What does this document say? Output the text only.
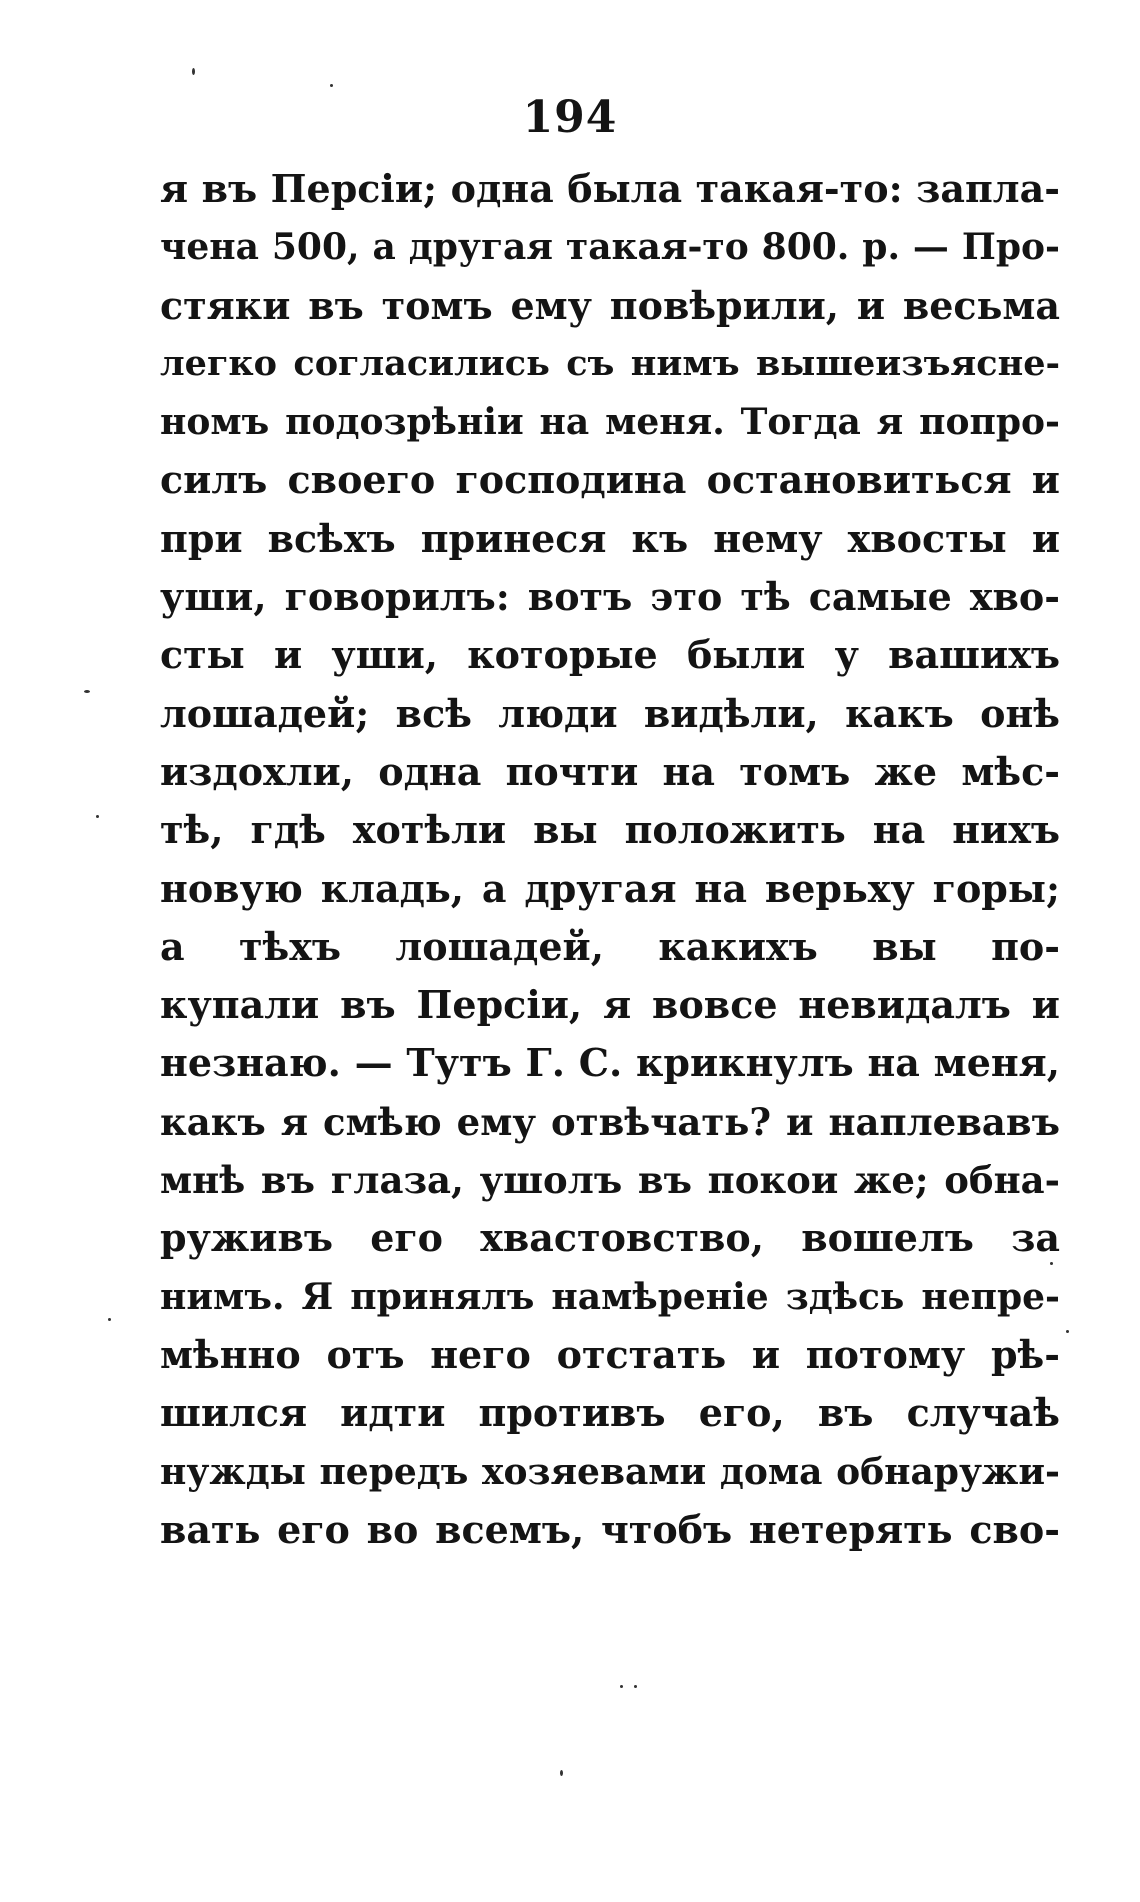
194
я въ Персіи; одна была такая-то: запла-
чена 500, а другая такая-то 800. р. — Про-
стяки въ томъ ему повѣрили, и весьма
легко согласились съ нимъ вышеизъясне-
номъ подозрѣніи на меня. Тогда я попро-
силъ своего господина остановиться и
при всѣхъ принеся къ нему хвосты и
уши, говорилъ: вотъ это тѣ самые хво-
сты и уши, которые были у вашихъ
лошадей; всѣ люди видѣли, какъ онѣ
издохли, одна почти на томъ же мѣс-
тѣ, гдѣ хотѣли вы положить на нихъ
новую кладь, а другая на верьху горы;
а тѣхъ лошадей, какихъ вы по-
купали въ Персіи, я вовсе невидалъ и
незнаю. — Тутъ Г. С. крикнулъ на меня,
какъ я смѣю ему отвѣчать? и наплевавъ
мнѣ въ глаза, ушолъ въ покои же; обна-
руживъ его хвастовство, вошелъ за
нимъ. Я принялъ намѣреніе здѣсь непре-
мѣнно отъ него отстать и потому рѣ-
шился идти противъ его, въ случаѣ
нужды передъ хозяевами дома обнаружи-
вать его во всемъ, чтобъ нетерять сво-
